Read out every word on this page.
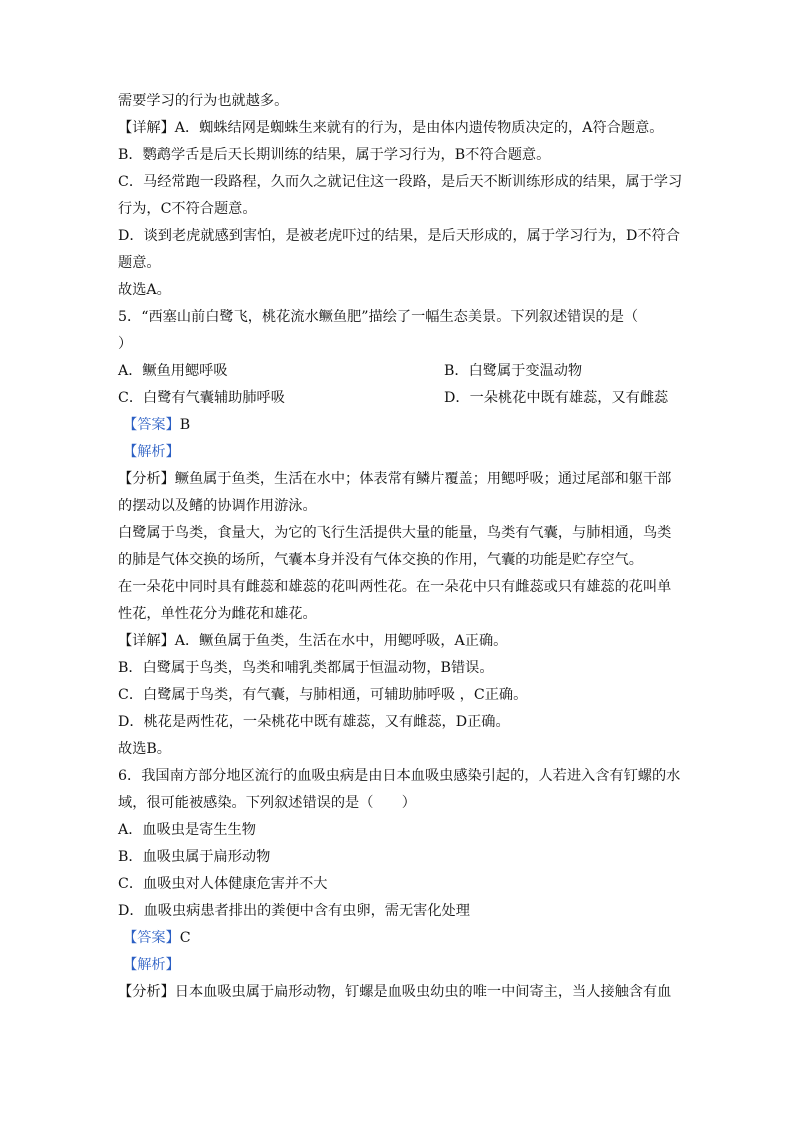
需要学习的行为也就越多。
【详解】A．蜘蛛结网是蜘蛛生来就有的行为，是由体内遗传物质决定的，A符合题意。
B．鹦鹉学舌是后天长期训练的结果，属于学习行为，B不符合题意。
C．马经常跑一段路程，久而久之就记住这一段路，是后天不断训练形成的结果，属于学习
行为，C不符合题意。
D．谈到老虎就感到害怕，是被老虎吓过的结果，是后天形成的，属于学习行为，D不符合
题意。
故选A。
5．“西塞山前白鹭飞，桃花流水鳜鱼肥”描绘了一幅生态美景。下列叙述错误的是（
）
A．鳜鱼用鳃呼吸	B．白鹭属于变温动物
C．白鹭有气囊辅助肺呼吸	D．一朵桃花中既有雄蕊，又有雌蕊
【答案】B
【解析】
【分析】鳜鱼属于鱼类，生活在水中；体表常有鳞片覆盖；用鳃呼吸；通过尾部和躯干部
的摆动以及鳍的协调作用游泳。
白鹭属于鸟类，食量大，为它的飞行生活提供大量的能量，鸟类有气囊，与肺相通，鸟类
的肺是气体交换的场所，气囊本身并没有气体交换的作用，气囊的功能是贮存空气。
在一朵花中同时具有雌蕊和雄蕊的花叫两性花。在一朵花中只有雌蕊或只有雄蕊的花叫单
性花，单性花分为雌花和雄花。
【详解】A．鳜鱼属于鱼类，生活在水中，用鳃呼吸，A正确。
B．白鹭属于鸟类，鸟类和哺乳类都属于恒温动物，B错误。
C．白鹭属于鸟类，有气囊，与肺相通，可辅助肺呼吸 ，C正确。
D．桃花是两性花，一朵桃花中既有雄蕊，又有雌蕊，D正确。
故选B。
6．我国南方部分地区流行的血吸虫病是由日本血吸虫感染引起的，人若进入含有钉螺的水
域，很可能被感染。下列叙述错误的是（　　）
A．血吸虫是寄生生物
B．血吸虫属于扁形动物
C．血吸虫对人体健康危害并不大
D．血吸虫病患者排出的粪便中含有虫卵，需无害化处理
【答案】C
【解析】
【分析】日本血吸虫属于扁形动物，钉螺是血吸虫幼虫的唯一中间寄主，当人接触含有血
